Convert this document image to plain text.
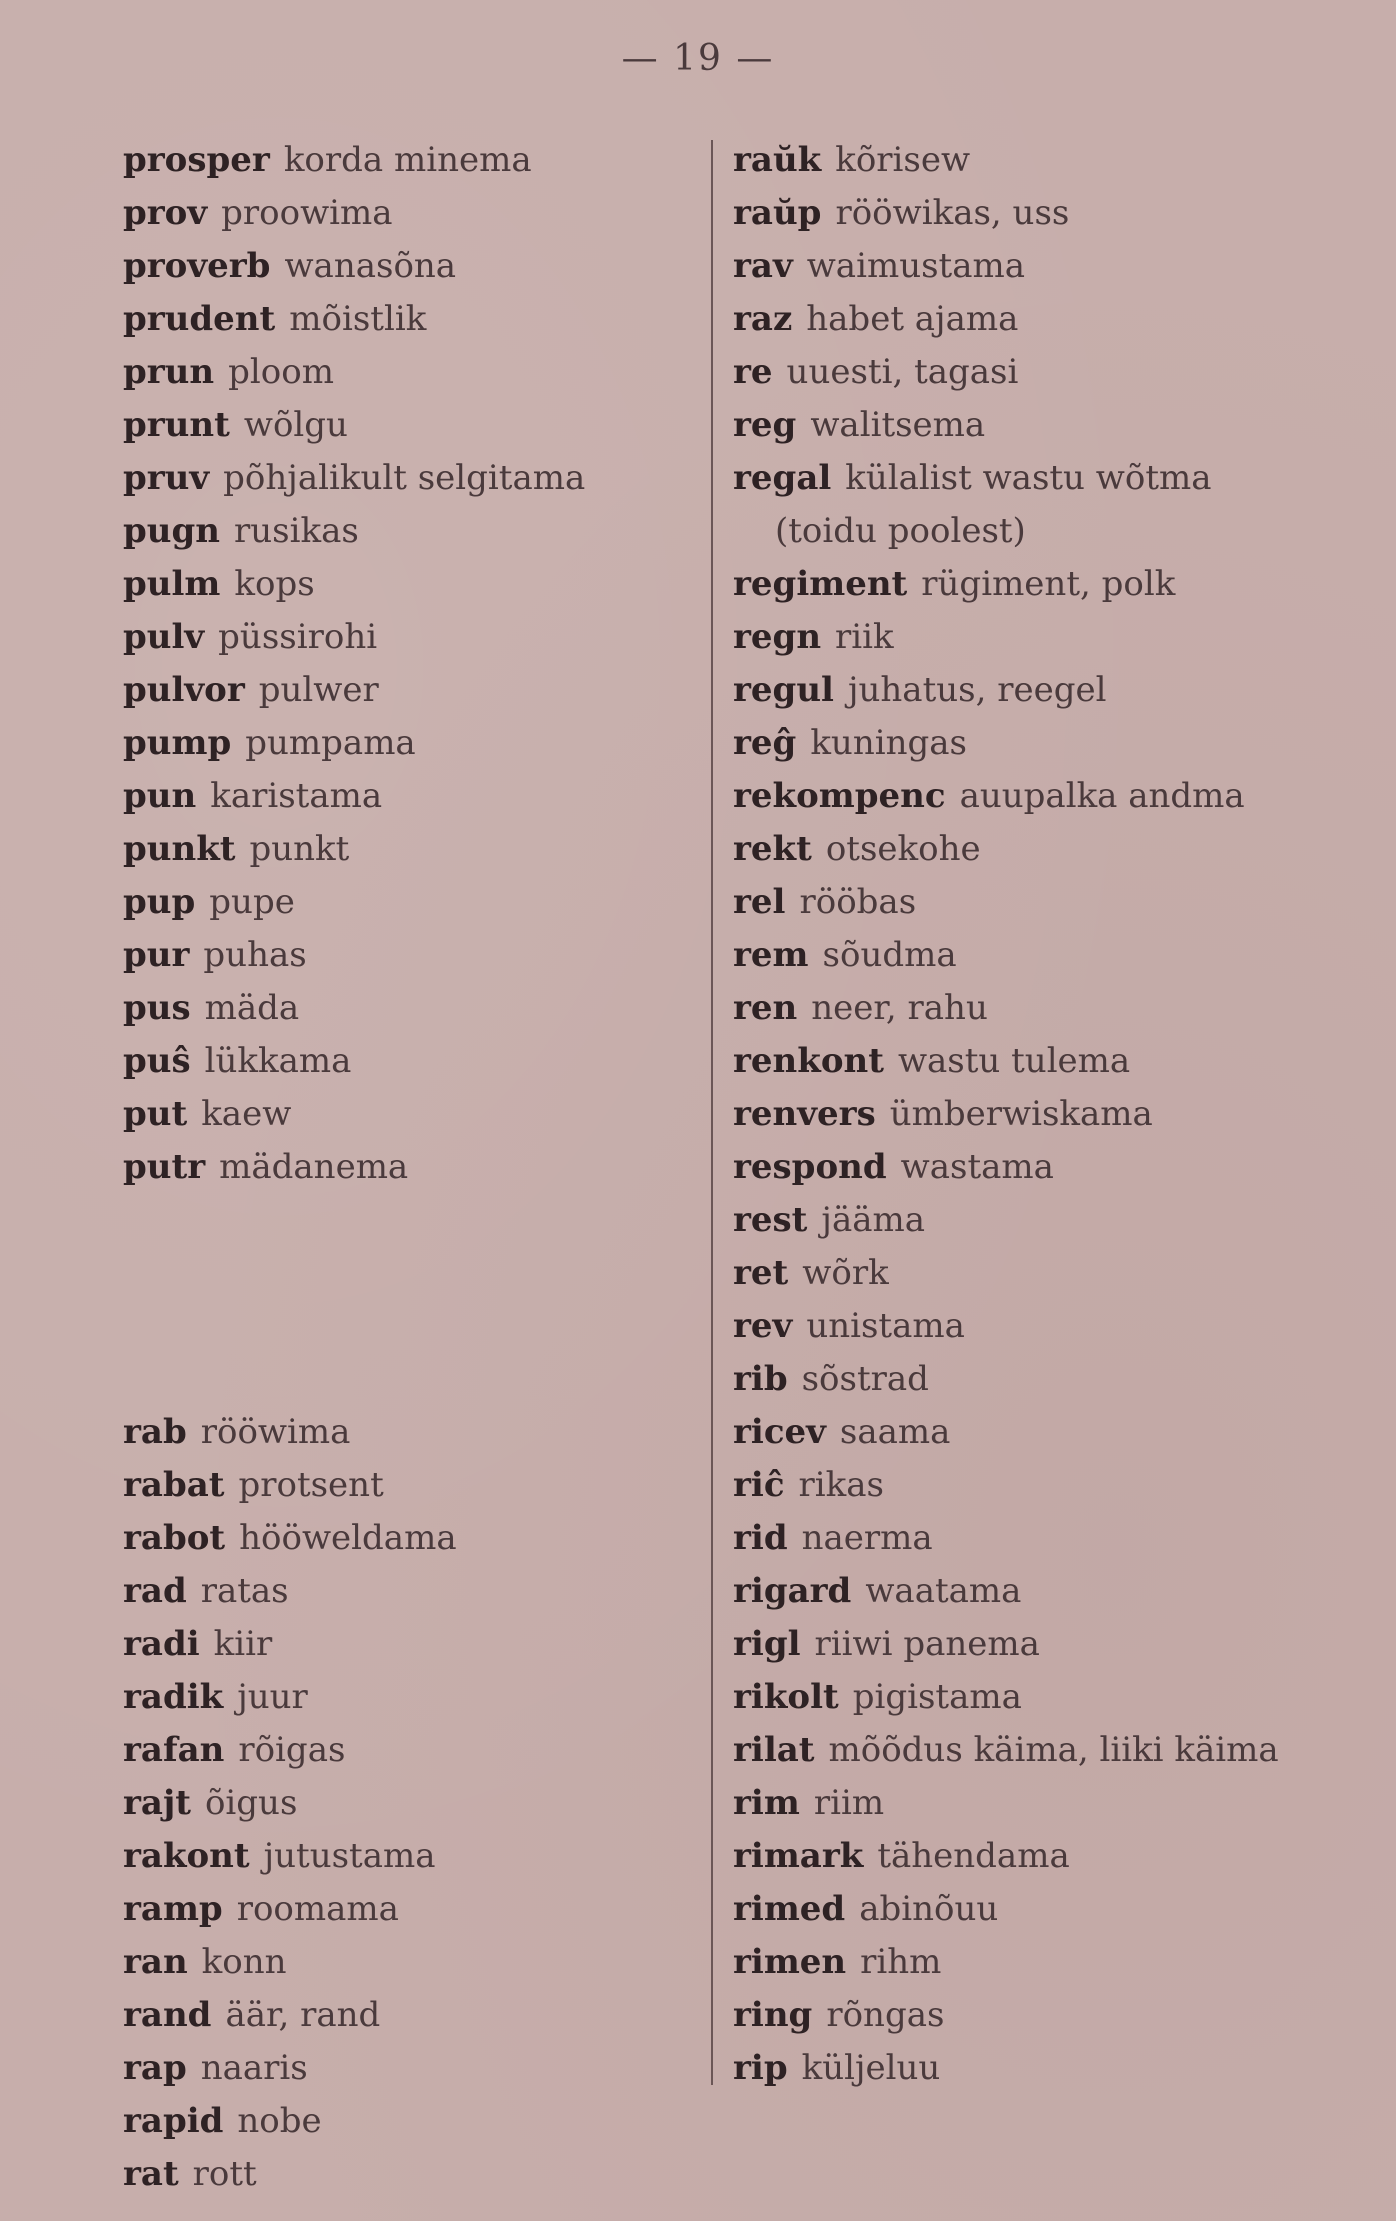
— 19 —
prosper korda minema
prov proowima
proverb wanasõna
prudent mõistlik
prun ploom
prunt wõlgu
pruv põhjalikult selgitama
pugn rusikas
pulm kops
pulv püssirohi
pulvor pulwer
pump pumpama
pun karistama
punkt punkt
pup pupe
pur puhas
pus mäda
puŝ lükkama
put kaew
putr mädanema
rab rööwima
rabat protsent
rabot hööweldama
rad ratas
radi kiir
radik juur
rafan rõigas
rajt õigus
rakont jutustama
ramp roomama
ran konn
rand äär, rand
rap naaris
rapid nobe
rat rott
raŭk kõrisew
raŭp rööwikas, uss
rav waimustama
raz habet ajama
re uuesti, tagasi
reg walitsema
regal külalist wastu wõtma
(toidu poolest)
regiment rügiment, polk
regn riik
regul juhatus, reegel
reĝ kuningas
rekompenc auupalka andma
rekt otsekohe
rel rööbas
rem sõudma
ren neer, rahu
renkont wastu tulema
renvers ümberwiskama
respond wastama
rest jääma
ret wõrk
rev unistama
rib sõstrad
ricev saama
riĉ rikas
rid naerma
rigard waatama
rigl riiwi panema
rikolt pigistama
rilat mõõdus käima, liiki käima
rim riim
rimark tähendama
rimed abinõuu
rimen rihm
ring rõngas
rip küljeluu
